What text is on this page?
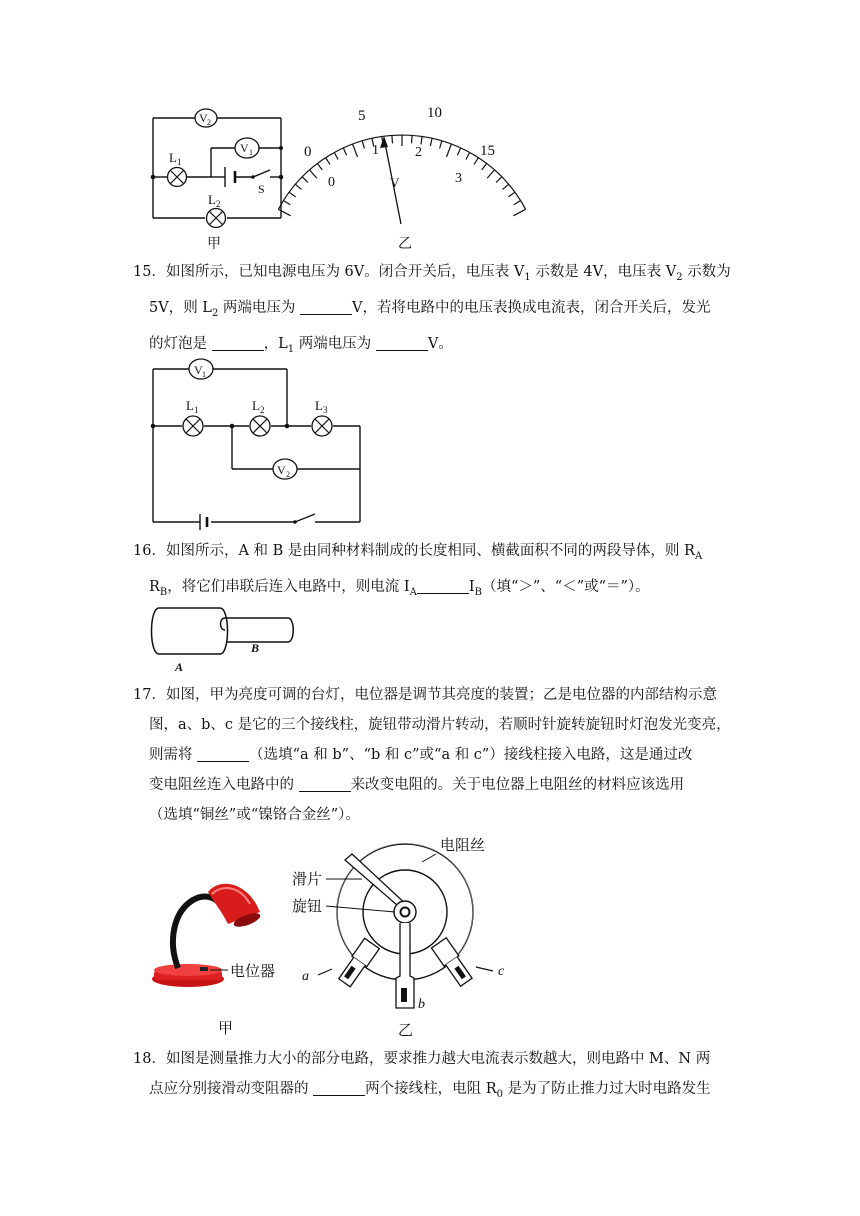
V 2
V 1
L 1
L 2
S
甲
0
5	10
15
0
1	2
3
V
乙

15．如图所示，已知电源电压为 6V。闭合开关后，电压表 $V_1$ 示数是 4V，电压表 $V_2$ 示数为

5V，则 $L_2$ 两端电压为	V，若将电路中的电压表换成电流表，闭合开关后，发光

的灯泡是	，$L_1$ 两端电压为	V。

V 1
V 2
L 1	L 2	L 3

16．如图所示，A 和 B 是由同种材料制成的长度相同、横截面积不同的两段导体，则 $R_A$

$R_B$，将它们串联后连入电路中，则电流 $I_A$	$I_B$（填“＞”、“＜”或“＝”）。

A
B

17．如图，甲为亮度可调的台灯，电位器是调节其亮度的装置；乙是电位器的内部结构示意

图，a、b、c 是它的三个接线柱，旋钮带动滑片转动，若顺时针旋转旋钮时灯泡发光变亮，

则需将	（选填“a 和 b”、“b 和 c”或“a 和 c”）接线柱接入电路，这是通过改

变电阻丝连入电路中的	来改变电阻的。关于电位器上电阻丝的材料应该选用

（选填“铜丝”或“镍铬合金丝”）。

电位器
甲
电阻丝
滑片
旋钮
a
b
c
乙

18．如图是测量推力大小的部分电路，要求推力越大电流表示数越大，则电路中 M、N 两

点应分别接滑动变阻器的	两个接线柱，电阻 $R_0$ 是为了防止推力过大时电路发生
